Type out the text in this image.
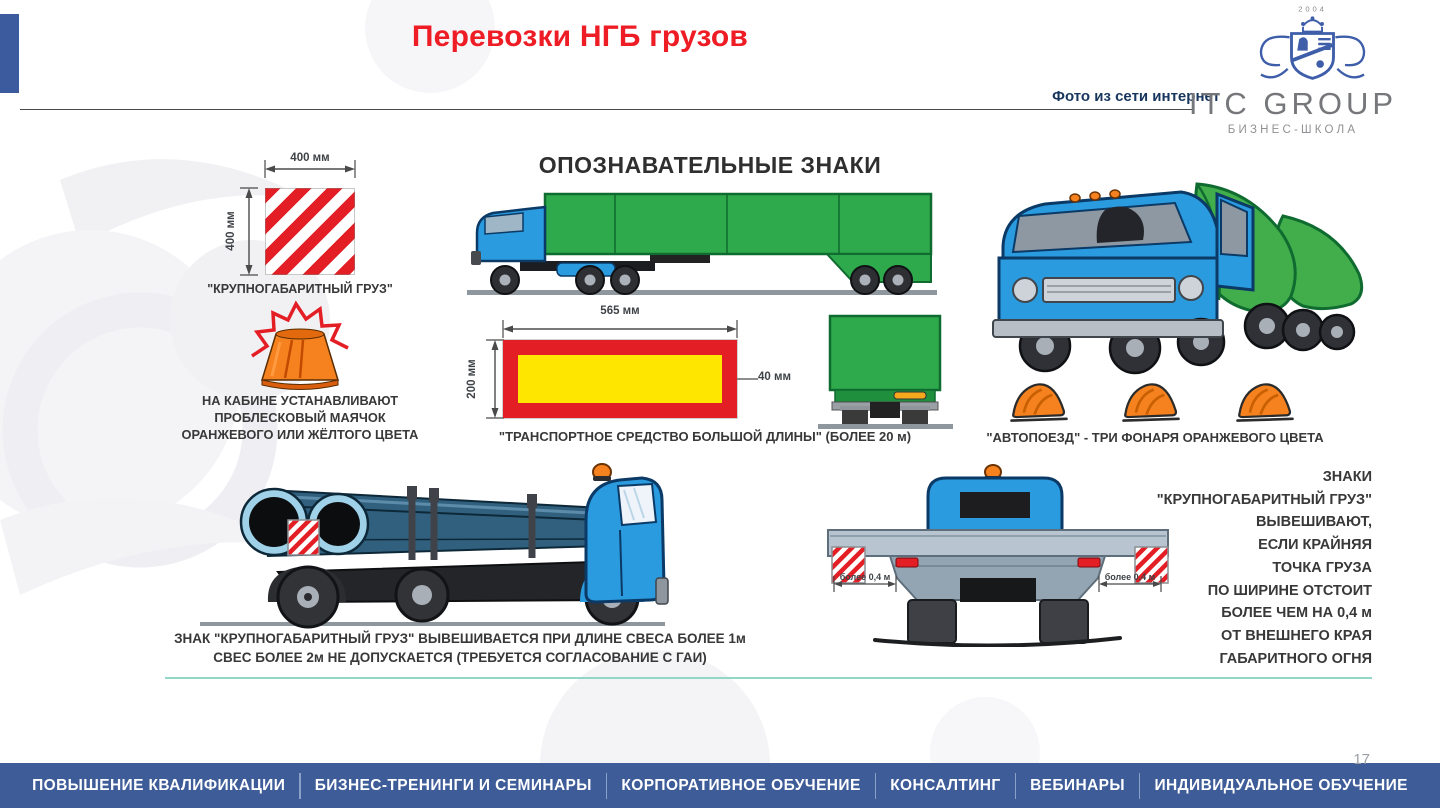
Перевозки НГБ грузов
Фото из сети интернет
2004
ITC GROUP
БИЗНЕС-ШКОЛА
ОПОЗНАВАТЕЛЬНЫЕ ЗНАКИ
400 мм
400 мм
"КРУПНОГАБАРИТНЫЙ ГРУЗ"
НА КАБИНЕ УСТАНАВЛИВАЮТ
ПРОБЛЕСКОВЫЙ МАЯЧОК
ОРАНЖЕВОГО ИЛИ ЖЁЛТОГО ЦВЕТА
565 мм
200 мм	40 мм
"ТРАНСПОРТНОЕ СРЕДСТВО БОЛЬШОЙ ДЛИНЫ" (БОЛЕЕ 20 м)	"АВТОПОЕЗД" - ТРИ ФОНАРЯ ОРАНЖЕВОГО ЦВЕТА
ЗНАК "КРУПНОГАБАРИТНЫЙ ГРУЗ" ВЫВЕШИВАЕТСЯ ПРИ ДЛИНЕ СВЕСА БОЛЕЕ 1м
СВЕС БОЛЕЕ 2м НЕ ДОПУСКАЕТСЯ (ТРЕБУЕТСЯ СОГЛАСОВАНИЕ С ГАИ)
более 0,4 м	более 0,4 м
ЗНАКИ
"КРУПНОГАБАРИТНЫЙ ГРУЗ"
ВЫВЕШИВАЮТ,
ЕСЛИ КРАЙНЯЯ
ТОЧКА ГРУЗА
ПО ШИРИНЕ ОТСТОИТ
БОЛЕЕ ЧЕМ НА 0,4 м
ОТ ВНЕШНЕГО КРАЯ
ГАБАРИТНОГО ОГНЯ
ПОВЫШЕНИЕ КВАЛИФИКАЦИИ	БИЗНЕС-ТРЕНИНГИ И СЕМИНАРЫ	КОРПОРАТИВНОЕ ОБУЧЕНИЕ	КОНСАЛТИНГ	ВЕБИНАРЫ	ИНДИВИДУАЛЬНОЕ ОБУЧЕНИЕ
17
